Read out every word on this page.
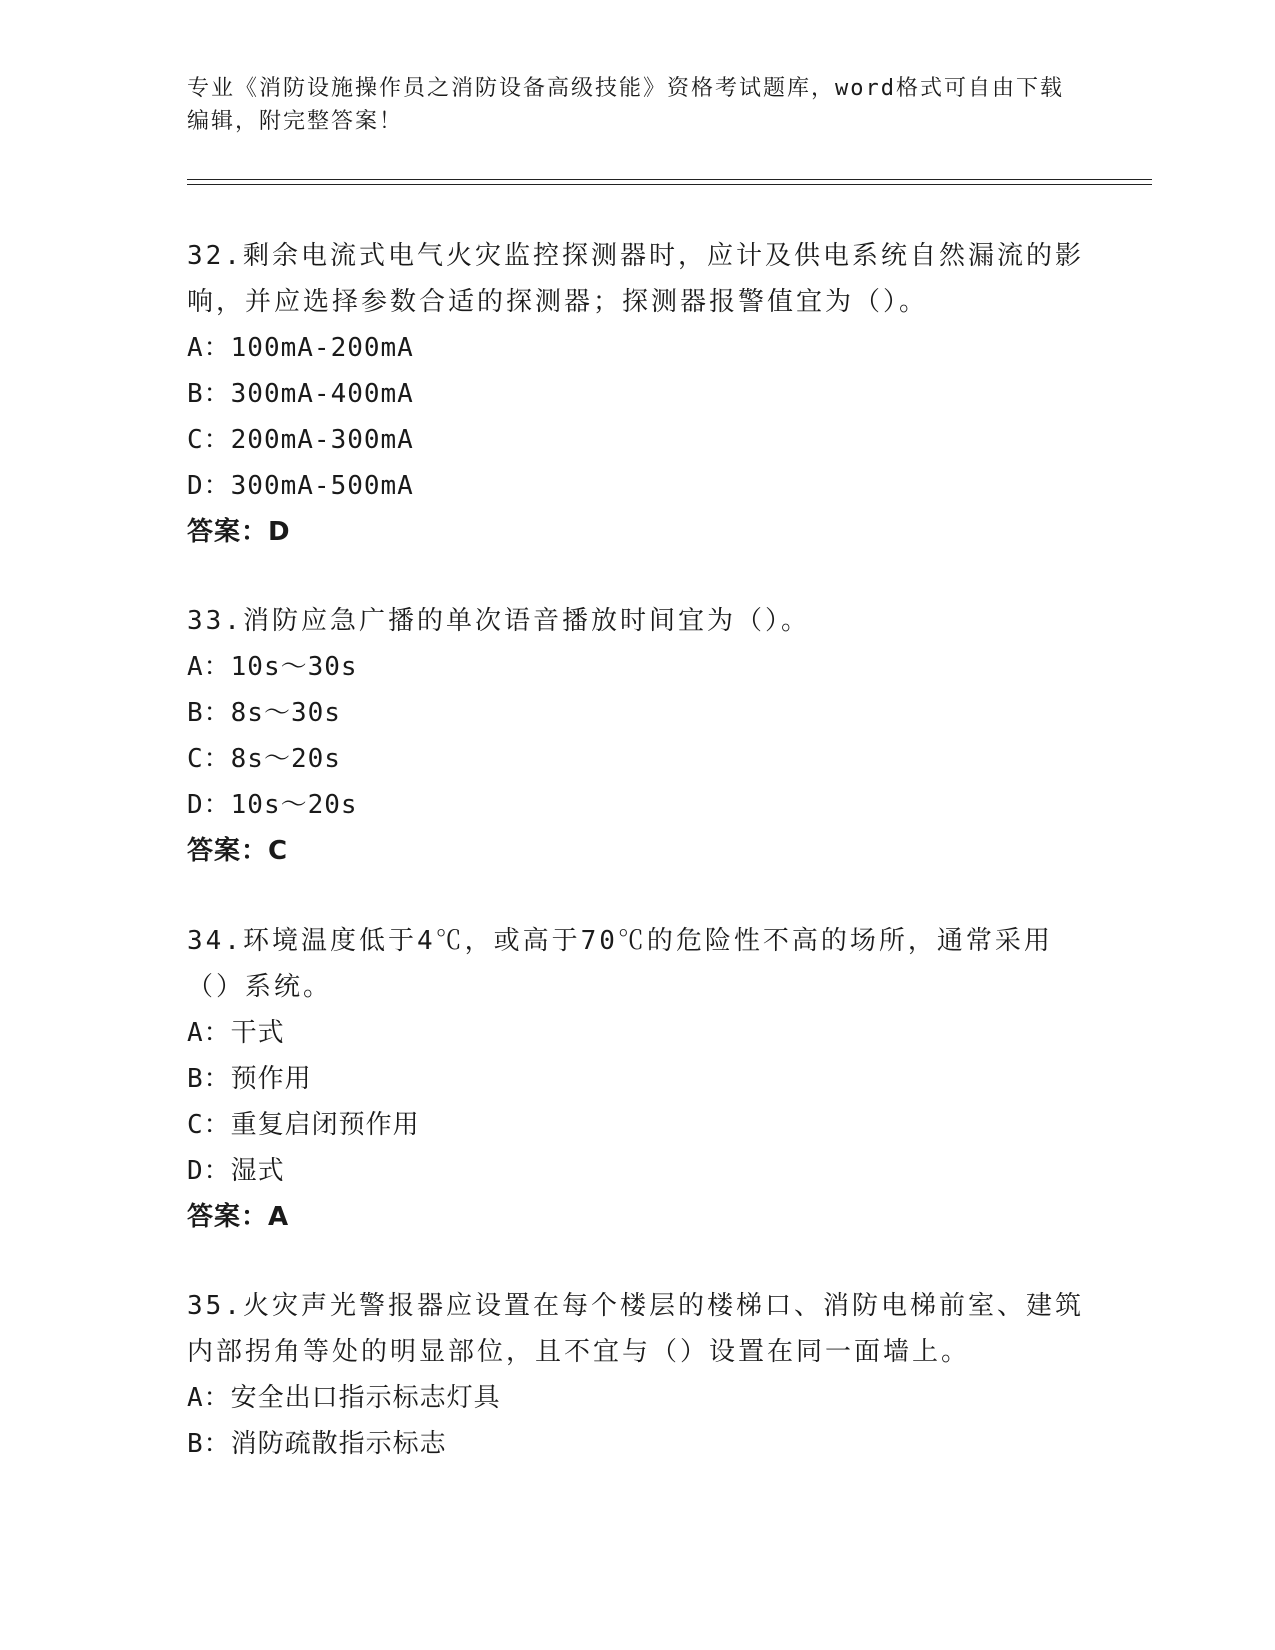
专业《消防设施操作员之消防设备高级技能》资格考试题库，word格式可自由下载编辑，附完整答案！

32.剩余电流式电气火灾监控探测器时，应计及供电系统自然漏流的影响，并应选择参数合适的探测器；探测器报警值宜为（）。

A：100mA-200mA

B：300mA-400mA

C：200mA-300mA

D：300mA-500mA

答案：D

33.消防应急广播的单次语音播放时间宜为（）。

A：10s～30s

B：8s～30s

C：8s～20s

D：10s～20s

答案：C

34.环境温度低于4℃，或高于70℃的危险性不高的场所，通常采用（）系统。

A：干式

B：预作用

C：重复启闭预作用

D：湿式

答案：A

35.火灾声光警报器应设置在每个楼层的楼梯口、消防电梯前室、建筑内部拐角等处的明显部位，且不宜与（）设置在同一面墙上。

A：安全出口指示标志灯具

B：消防疏散指示标志
